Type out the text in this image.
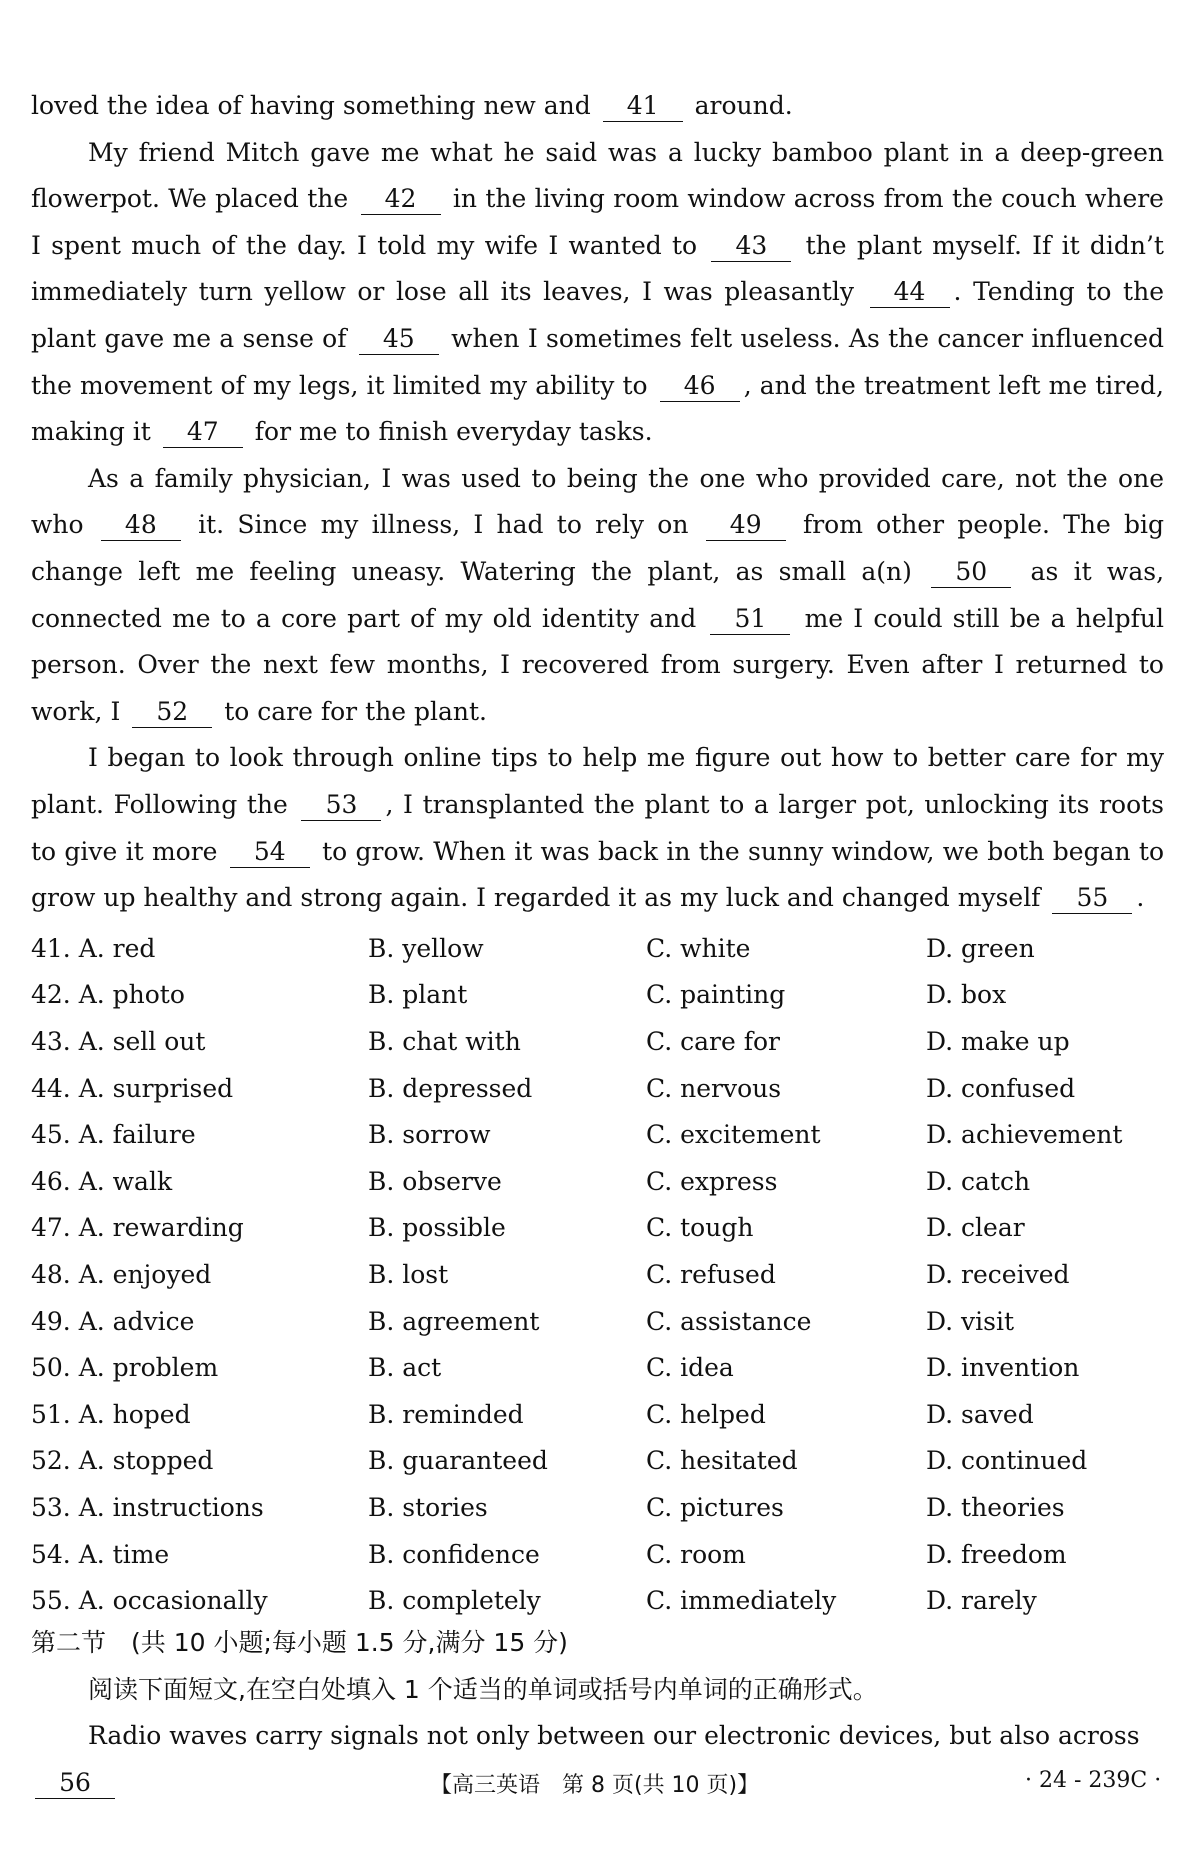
loved the idea of having something new and 41 around.

My friend Mitch gave me what he said was a lucky bamboo plant in a deep-green flowerpot. We placed the 42 in the living room window across from the couch where I spent much of the day. I told my wife I wanted to 43 the plant myself. If it didn’t immediately turn yellow or lose all its leaves, I was pleasantly 44 . Tending to the plant gave me a sense of 45 when I sometimes felt useless. As the cancer influenced the movement of my legs, it limited my ability to 46 , and the treatment left me tired, making it 47 for me to finish everyday tasks.

As a family physician, I was used to being the one who provided care, not the one who 48 it. Since my illness, I had to rely on 49 from other people. The big change left me feeling uneasy. Watering the plant, as small a(n) 50 as it was, connected me to a core part of my old identity and 51 me I could still be a helpful person. Over the next few months, I recovered from surgery. Even after I returned to work, I 52 to care for the plant.

I began to look through online tips to help me figure out how to better care for my plant. Following the 53 , I transplanted the plant to a larger pot, unlocking its roots to give it more 54 to grow. When it was back in the sunny window, we both began to grow up healthy and strong again. I regarded it as my luck and changed myself 55 .

41. A. red	B. yellow	C. white	D. green
42. A. photo	B. plant	C. painting	D. box
43. A. sell out	B. chat with	C. care for	D. make up
44. A. surprised	B. depressed	C. nervous	D. confused
45. A. failure	B. sorrow	C. excitement	D. achievement
46. A. walk	B. observe	C. express	D. catch
47. A. rewarding	B. possible	C. tough	D. clear
48. A. enjoyed	B. lost	C. refused	D. received
49. A. advice	B. agreement	C. assistance	D. visit
50. A. problem	B. act	C. idea	D. invention
51. A. hoped	B. reminded	C. helped	D. saved
52. A. stopped	B. guaranteed	C. hesitated	D. continued
53. A. instructions	B. stories	C. pictures	D. theories
54. A. time	B. confidence	C. room	D. freedom
55. A. occasionally	B. completely	C. immediately	D. rarely

第二节　(共 10 小题;每小题 1.5 分,满分 15 分)

阅读下面短文,在空白处填入 1 个适当的单词或括号内单词的正确形式。

Radio waves carry signals not only between our electronic devices, but also across 56	【高三英语　第 8 页(共 10 页)】	· 24 - 239C ·
